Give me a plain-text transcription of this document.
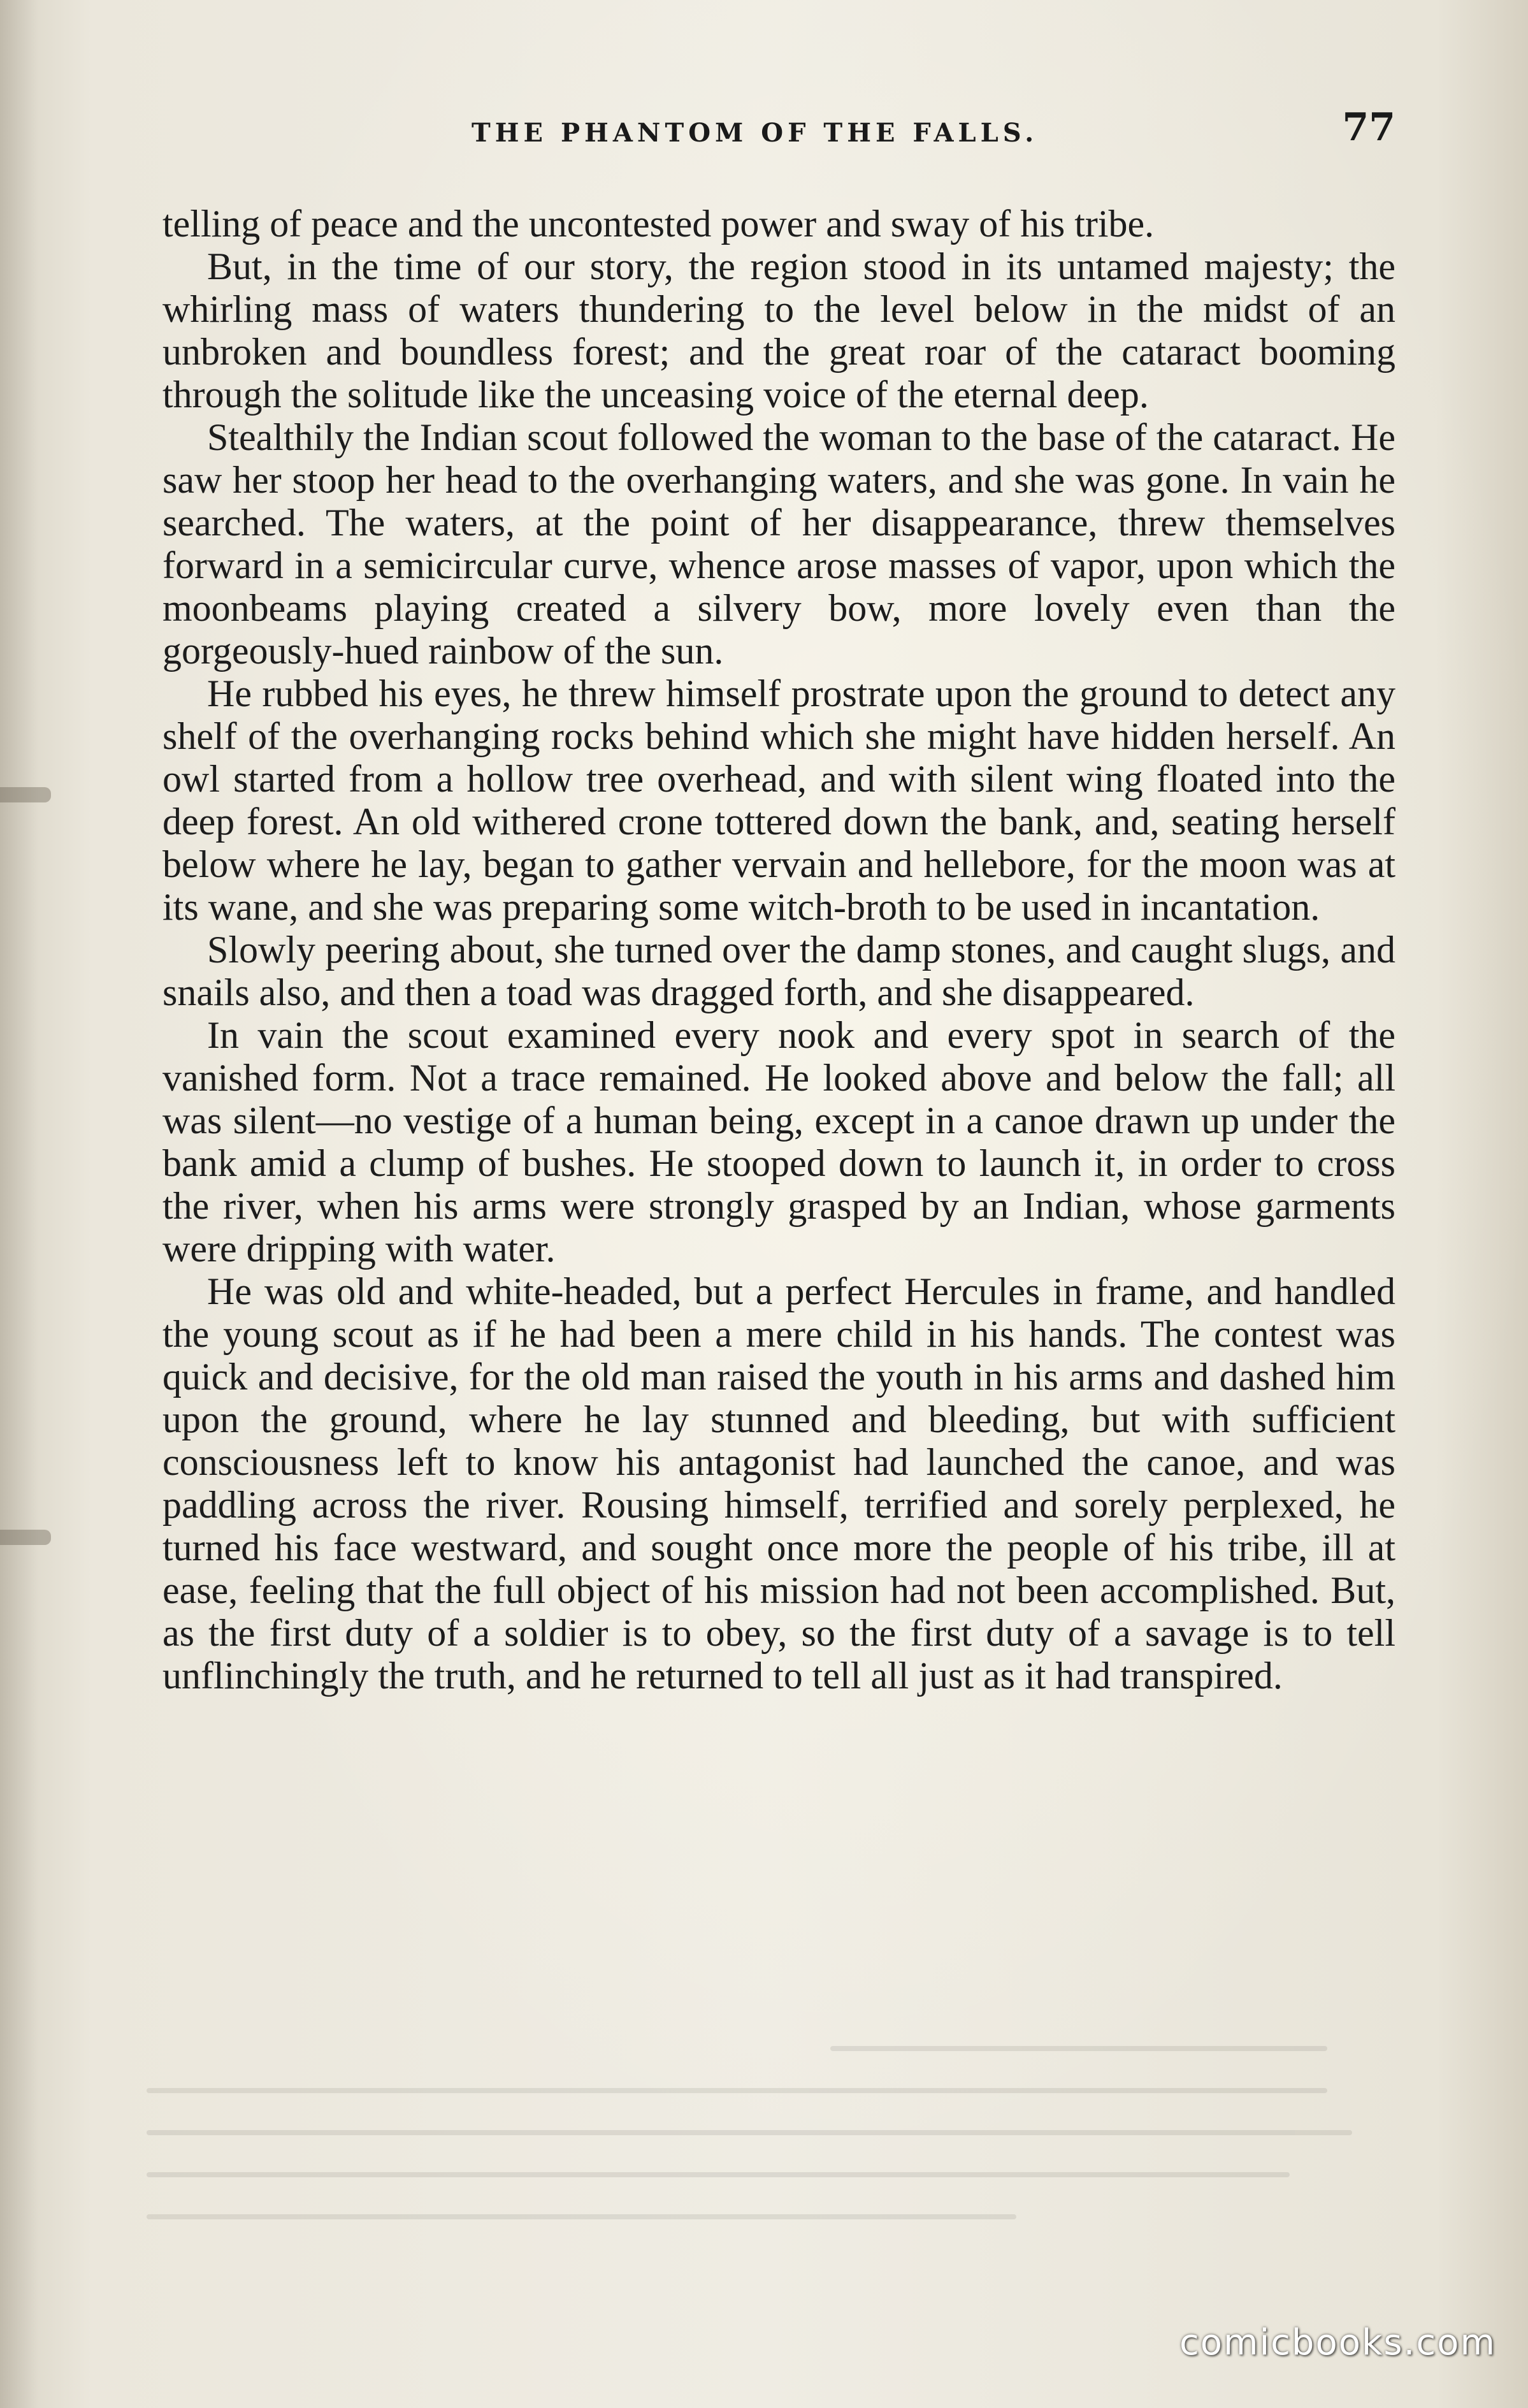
THE PHANTOM OF THE FALLS.	77

telling of peace and the uncontested power and sway of his tribe.

But, in the time of our story, the region stood in its untamed majesty; the whirling mass of waters thundering to the level below in the midst of an unbroken and boundless forest; and the great roar of the cataract booming through the solitude like the unceasing voice of the eternal deep.

Stealthily the Indian scout followed the woman to the base of the cataract. He saw her stoop her head to the overhanging waters, and she was gone. In vain he searched. The waters, at the point of her disappearance, threw themselves forward in a semicircular curve, whence arose masses of vapor, upon which the moonbeams playing created a silvery bow, more lovely even than the gorgeously-hued rainbow of the sun.

He rubbed his eyes, he threw himself prostrate upon the ground to detect any shelf of the overhanging rocks behind which she might have hidden herself. An owl started from a hollow tree overhead, and with silent wing floated into the deep forest. An old withered crone tottered down the bank, and, seating herself below where he lay, began to gather vervain and hellebore, for the moon was at its wane, and she was preparing some witch-broth to be used in incantation.

Slowly peering about, she turned over the damp stones, and caught slugs, and snails also, and then a toad was dragged forth, and she disappeared.

In vain the scout examined every nook and every spot in search of the vanished form. Not a trace remained. He looked above and below the fall; all was silent—no vestige of a human being, except in a canoe drawn up under the bank amid a clump of bushes. He stooped down to launch it, in order to cross the river, when his arms were strongly grasped by an Indian, whose garments were dripping with water.

He was old and white-headed, but a perfect Hercules in frame, and handled the young scout as if he had been a mere child in his hands. The contest was quick and decisive, for the old man raised the youth in his arms and dashed him upon the ground, where he lay stunned and bleeding, but with sufficient consciousness left to know his antagonist had launched the canoe, and was paddling across the river. Rousing himself, terrified and sorely perplexed, he turned his face westward, and sought once more the people of his tribe, ill at ease, feeling that the full object of his mission had not been accomplished. But, as the first duty of a soldier is to obey, so the first duty of a savage is to tell unflinchingly the truth, and he returned to tell all just as it had transpired.

comicbooks.com
